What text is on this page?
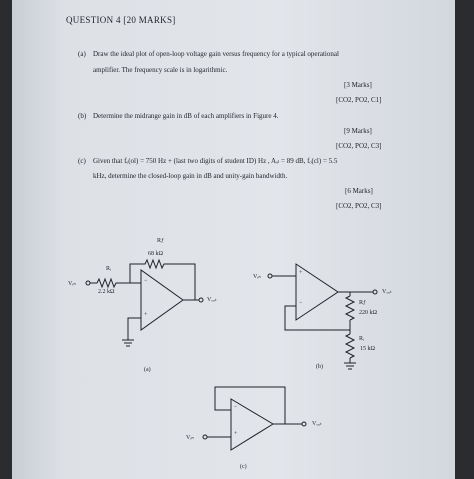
QUESTION 4 [20 MARKS]
(a) Draw the ideal plot of open-loop voltage gain versus frequency for a typical operational
amplifier. The frequency scale is in logarithmic.
[3 Marks]
[CO2, PO2, C1]
(b) Determine the midrange gain in dB of each amplifiers in Figure 4.
[9 Marks]
[CO2, PO2, C3]
(c) Given that fₑ(ol) = 750 Hz + (last two digits of student ID) Hz , Aₒₗ = 89 dB, fₒ(cl) = 5.5
kHz, determine the closed-loop gain in dB and unity-gain bandwidth.
[6 Marks]
[CO2, PO2, C3]
Rƒ
68 kΩ
Rᵢ
2.2 kΩ
Vᵢₙ
Vₒᵤₜ
−
+
(a)
Vᵢₙ
Vₒᵤₜ
+
−	Rƒ
220 kΩ
Rᵢ
15 kΩ
(b)
Vᵢₙ
Vₒᵤₜ
−
+
(c)
